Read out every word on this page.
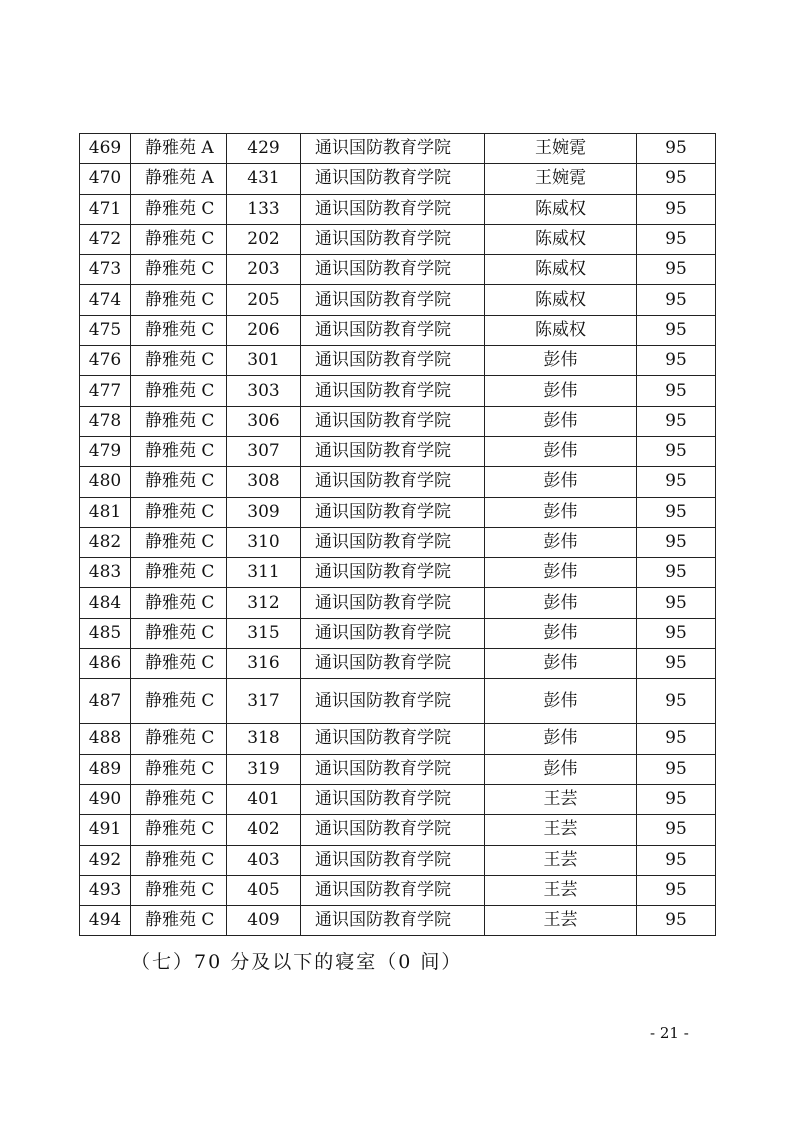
469	静雅苑 A	429	通识国防教育学院	王婉霓	95
470	静雅苑 A	431	通识国防教育学院	王婉霓	95
471	静雅苑 C	133	通识国防教育学院	陈威权	95
472	静雅苑 C	202	通识国防教育学院	陈威权	95
473	静雅苑 C	203	通识国防教育学院	陈威权	95
474	静雅苑 C	205	通识国防教育学院	陈威权	95
475	静雅苑 C	206	通识国防教育学院	陈威权	95
476	静雅苑 C	301	通识国防教育学院	彭伟	95
477	静雅苑 C	303	通识国防教育学院	彭伟	95
478	静雅苑 C	306	通识国防教育学院	彭伟	95
479	静雅苑 C	307	通识国防教育学院	彭伟	95
480	静雅苑 C	308	通识国防教育学院	彭伟	95
481	静雅苑 C	309	通识国防教育学院	彭伟	95
482	静雅苑 C	310	通识国防教育学院	彭伟	95
483	静雅苑 C	311	通识国防教育学院	彭伟	95
484	静雅苑 C	312	通识国防教育学院	彭伟	95
485	静雅苑 C	315	通识国防教育学院	彭伟	95
486	静雅苑 C	316	通识国防教育学院	彭伟	95
487	静雅苑 C	317	通识国防教育学院	彭伟	95
488	静雅苑 C	318	通识国防教育学院	彭伟	95
489	静雅苑 C	319	通识国防教育学院	彭伟	95
490	静雅苑 C	401	通识国防教育学院	王芸	95
491	静雅苑 C	402	通识国防教育学院	王芸	95
492	静雅苑 C	403	通识国防教育学院	王芸	95
493	静雅苑 C	405	通识国防教育学院	王芸	95
494	静雅苑 C	409	通识国防教育学院	王芸	95
（七）70 分及以下的寝室（0 间）
- 21 -
